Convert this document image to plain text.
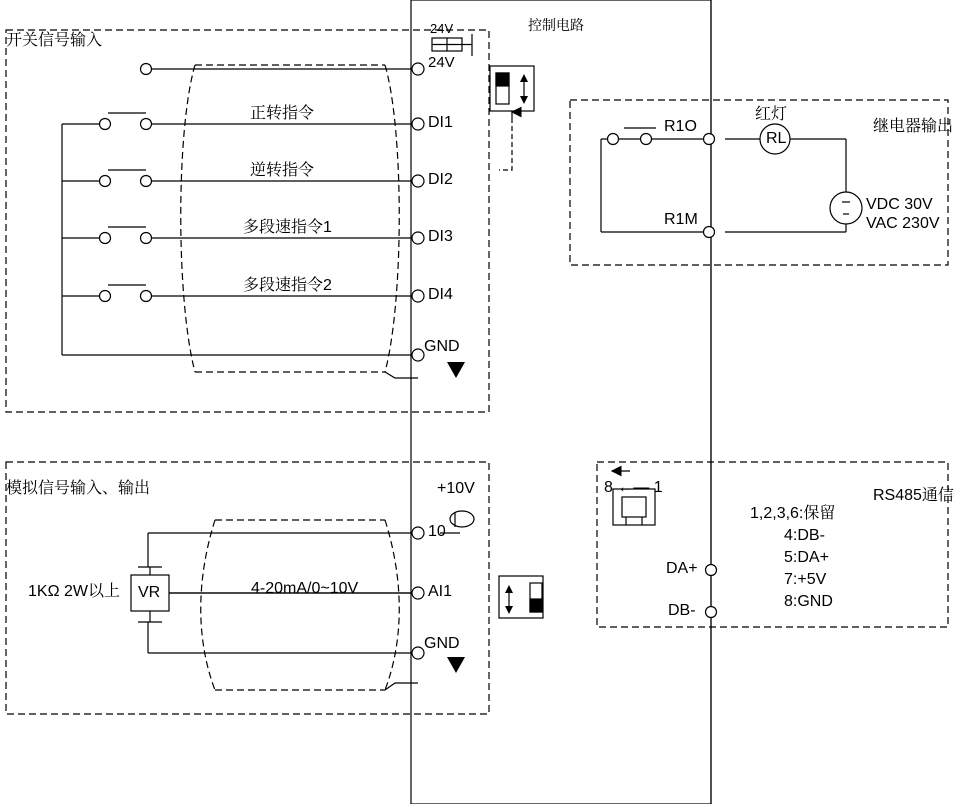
开关信号输入
模拟信号输入、输出
控制电路
继电器输出
RS485通信
24V
DI1
DI2
DI3
DI4
GND
24V
正转指令
逆转指令
多段速指令1
多段速指令2
+10V
10
AI1
GND
4-20mA/0~10V
1KΩ 2W以上 VR
R1O
R1M
红灯
RL
VDC 30V
VAC 230V
8 ←— 1
1,2,3,6:保留
4:DB-
5:DA+
7:+5V
8:GND
DA+
DB-
